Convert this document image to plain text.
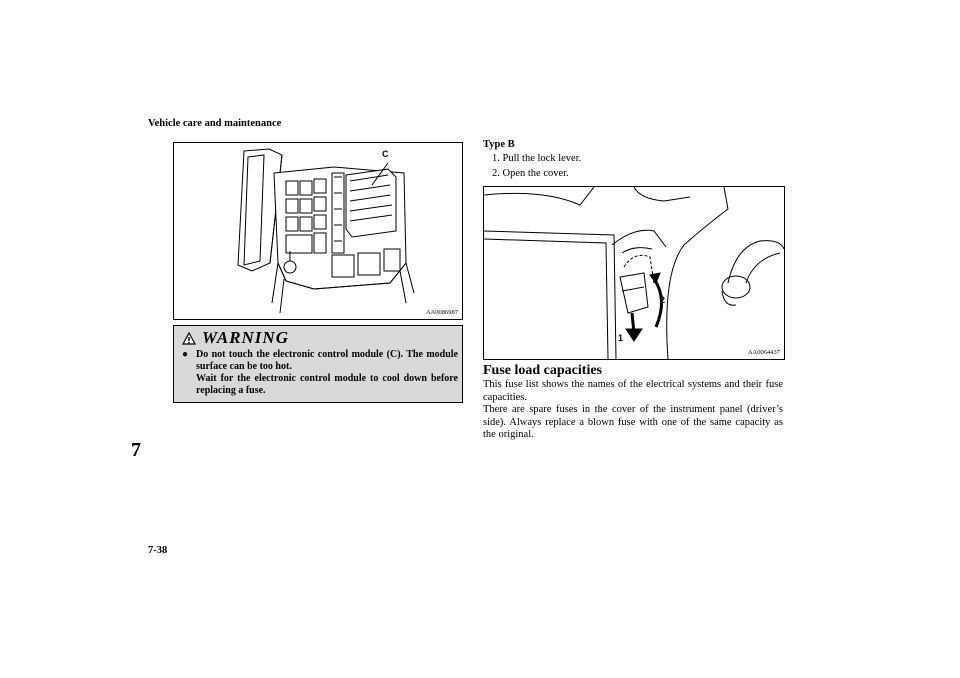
Vehicle care and maintenance
7
7-38
C
AA0086987
WARNING
● Do not touch the electronic control module (C). The module surface can be too hot.
Wait for the electronic control module to cool down before replacing a fuse.
Type B
1. Pull the lock lever.
2. Open the cover.
2
1
AA0064437
Fuse load capacities

This fuse list shows the names of the electrical systems and their fuse capacities.

There are spare fuses in the cover of the instrument panel (driver’s side). Always replace a blown fuse with one of the same capacity as the original.
